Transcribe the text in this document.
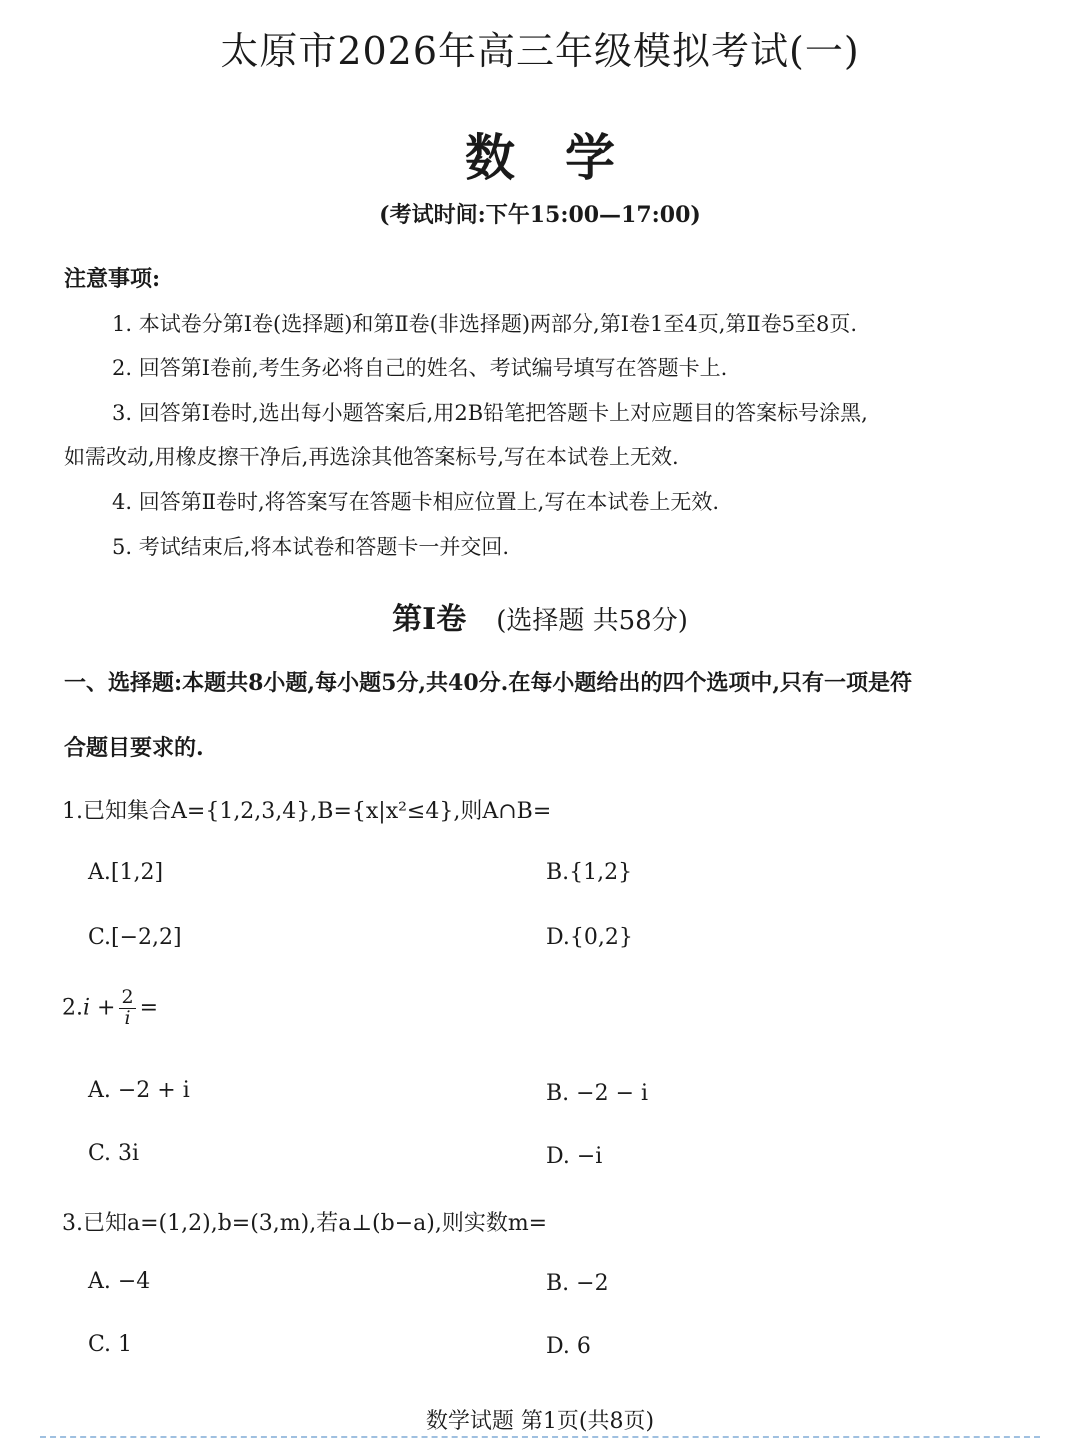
太原市2026年高三年级模拟考试(一)
数学
(考试时间:下午15:00—17:00)
注意事项:
1. 本试卷分第Ⅰ卷(选择题)和第Ⅱ卷(非选择题)两部分,第Ⅰ卷1至4页,第Ⅱ卷5至8页.
2. 回答第Ⅰ卷前,考生务必将自己的姓名、考试编号填写在答题卡上.
3. 回答第Ⅰ卷时,选出每小题答案后,用2B铅笔把答题卡上对应题目的答案标号涂黑,
如需改动,用橡皮擦干净后,再选涂其他答案标号,写在本试卷上无效.
4. 回答第Ⅱ卷时,将答案写在答题卡相应位置上,写在本试卷上无效.
5. 考试结束后,将本试卷和答题卡一并交回.
第Ⅰ卷 (选择题 共58分)
一、选择题:本题共8小题,每小题5分,共40分.在每小题给出的四个选项中,只有一项是符
合题目要求的.
1.已知集合A={1,2,3,4},B={x|x²≤4},则A∩B=
A.[1,2]	B.{1,2}
C.[−2,2]	D.{0,2}
$2.i + \frac{2}{i}$ =
A. −2 + i	B. −2 − i
C. 3i	D. −i
3.已知a=(1,2),b=(3,m),若a⊥(b−a),则实数m=
A. −4	B. −2
C. 1	D. 6
数学试题 第1页(共8页)
